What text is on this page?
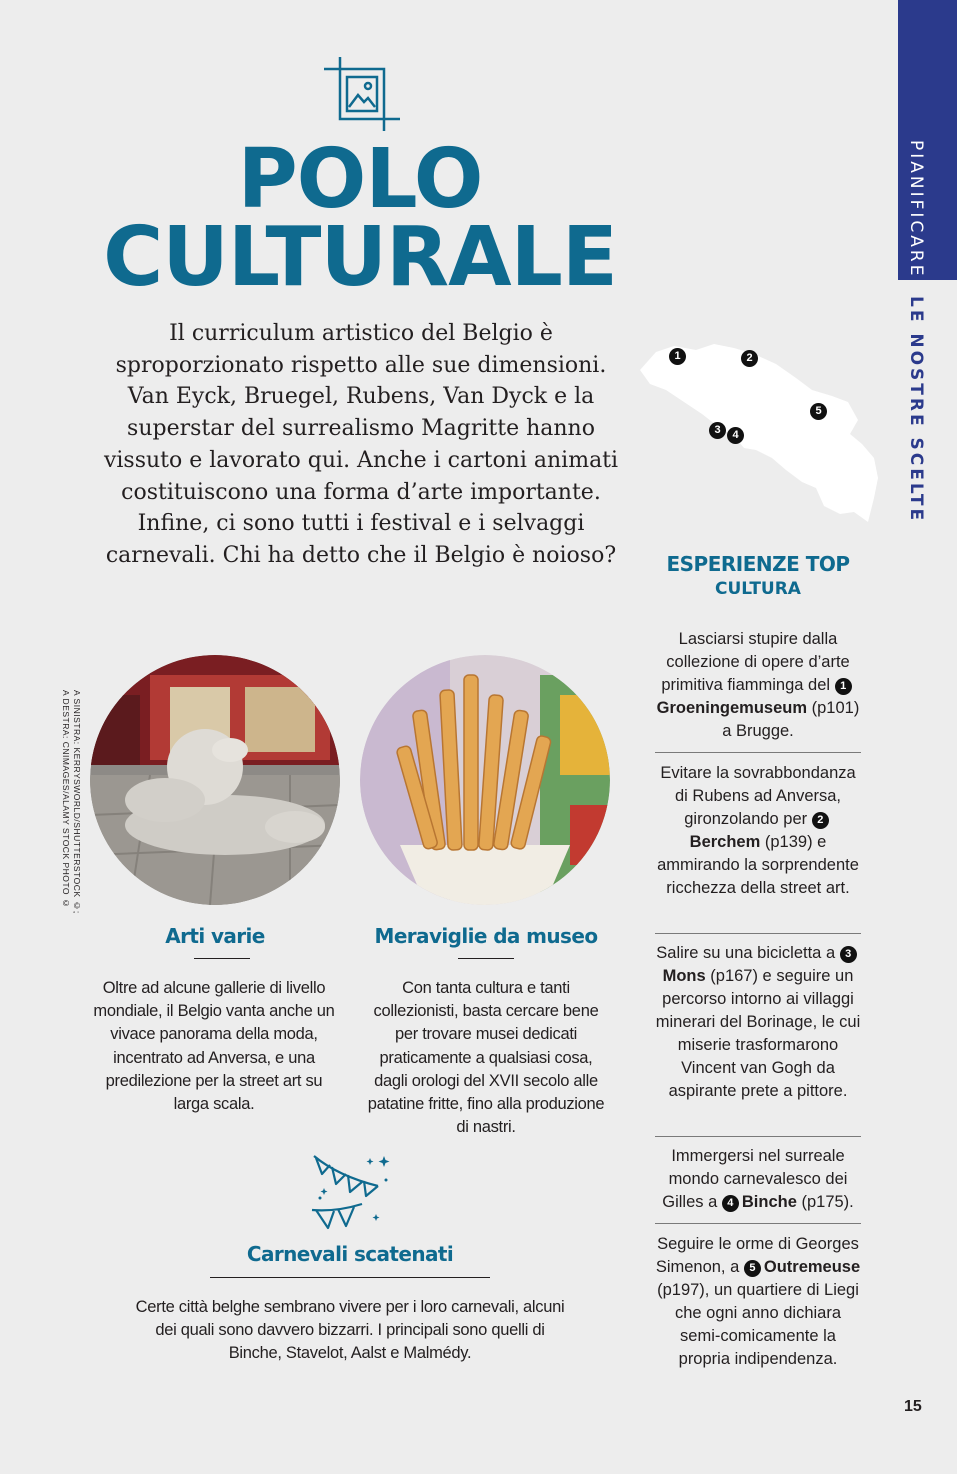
PIANIFICARE
LE NOSTRE SCELTE
POLO
CULTURALE
Il curriculum artistico del Belgio è sproporzionato rispetto alle sue dimensioni. Van Eyck, Bruegel, Rubens, Van Dyck e la superstar del surrealismo Magritte hanno vissuto e lavorato qui. Anche i cartoni animati costituiscono una forma d’arte importante. Infine, ci sono tutti i festival e i selvaggi carnevali. Chi ha detto che il Belgio è noioso?
1	2
3	4
5
ESPERIENZE TOP
CULTURA
Lasciarsi stupire dalla collezione di opere d’arte primitiva fiamminga del 1Groeningemuseum (p101) a Brugge.
Evitare la sovrabbondanza di Rubens ad Anversa, gironzolando per 2Berchem (p139) e ammirando la sorprendente ricchezza della street art.
Salire su una bicicletta a 3Mons (p167) e seguire un percorso intorno ai villaggi minerari del Borinage, le cui miserie trasformarono Vincent van Gogh da aspirante prete a pittore.
Immergersi nel surreale mondo carnevalesco dei Gilles a 4 Binche (p175).
Seguire le orme di Georges Simenon, a 5 Outremeuse (p197), un quartiere di Liegi che ogni anno dichiara semi-comicamente la propria indipendenza.
A SINISTRA: KERRYSWORLD/SHUTTERSTOCK ©;
A DESTRA: CNIMAGES/ALAMY STOCK PHOTO ©
Arti varie
Oltre ad alcune gallerie di livello mondiale, il Belgio vanta anche un vivace panorama della moda, incentrato ad Anversa, e una predilezione per la street art su larga scala.
Meraviglie da museo
Con tanta cultura e tanti collezionisti, basta cercare bene per trovare musei dedicati praticamente a qualsiasi cosa, dagli orologi del XVII secolo alle patatine fritte, fino alla produzione di nastri.
Carnevali scatenati
Certe città belghe sembrano vivere per i loro carnevali, alcuni dei quali sono davvero bizzarri. I principali sono quelli di Binche, Stavelot, Aalst e Malmédy.
15
